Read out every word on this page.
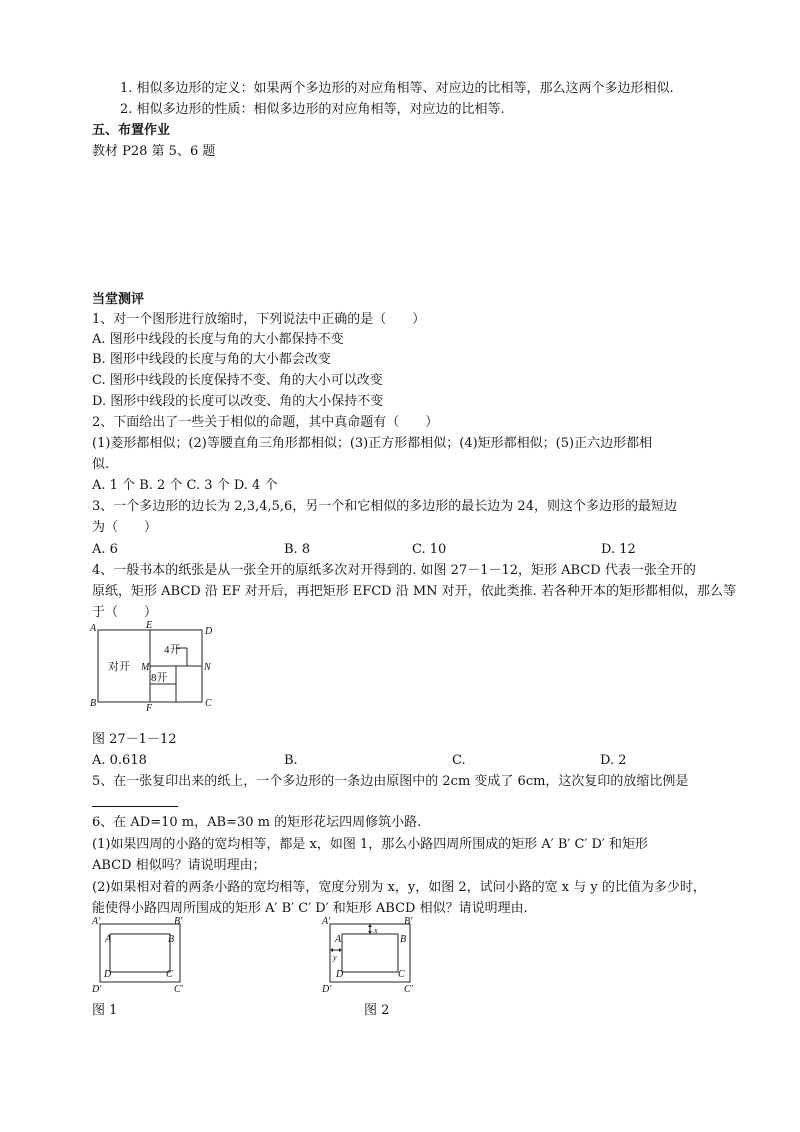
1. 相似多边形的定义：如果两个多边形的对应角相等、对应边的比相等，那么这两个多边形相似.
2. 相似多边形的性质：相似多边形的对应角相等，对应边的比相等.
五、布置作业
教材 P28 第 5、6 题
当堂测评
1、对一个图形进行放缩时，下列说法中正确的是（　　）
A. 图形中线段的长度与角的大小都保持不变
B. 图形中线段的长度与角的大小都会改变
C. 图形中线段的长度保持不变、角的大小可以改变
D. 图形中线段的长度可以改变、角的大小保持不变
2、下面给出了一些关于相似的命题，其中真命题有（　　）
(1)菱形都相似；(2)等腰直角三角形都相似；(3)正方形都相似；(4)矩形都相似；(5)正六边形都相
似.
A. 1 个 B. 2 个 C. 3 个 D. 4 个
3、一个多边形的边长为 2,3,4,5,6，另一个和它相似的多边形的最长边为 24，则这个多边形的最短边
为（　　）
A. 6	B. 8	C. 10	D. 12
4、一般书本的纸张是从一张全开的原纸多次对开得到的. 如图 27－1－12，矩形 ABCD 代表一张全开的
原纸，矩形 ABCD 沿 EF 对开后，再把矩形 EFCD 沿 MN 对开，依此类推. 若各种开本的矩形都相似，那么等
于（　　）
A
B	C
D
E
F
M	N
对开
4开
8开
图 27－1－12
A. 0.618	B.	C.	D. 2
5、在一张复印出来的纸上，一个多边形的一条边由原图中的 2cm 变成了 6cm，这次复印的放缩比例是
6、在 AD=10 m，AB=30 m 的矩形花坛四周修筑小路.
(1)如果四周的小路的宽均相等，都是 x，如图 1，那么小路四周所围成的矩形 A′ B′ C′ D′ 和矩形
ABCD 相似吗？请说明理由；
(2)如果相对着的两条小路的宽均相等，宽度分别为 x，y，如图 2，试问小路的宽 x 与 y 的比值为多少时，
能使得小路四周所围成的矩形 A′ B′ C′ D′ 和矩形 ABCD 相似？请说明理由.
A′	B′
C′
D′
A	B
C
D
A′	B′
C′
D′
A	B
C
D
x
y
图 1	图 2
